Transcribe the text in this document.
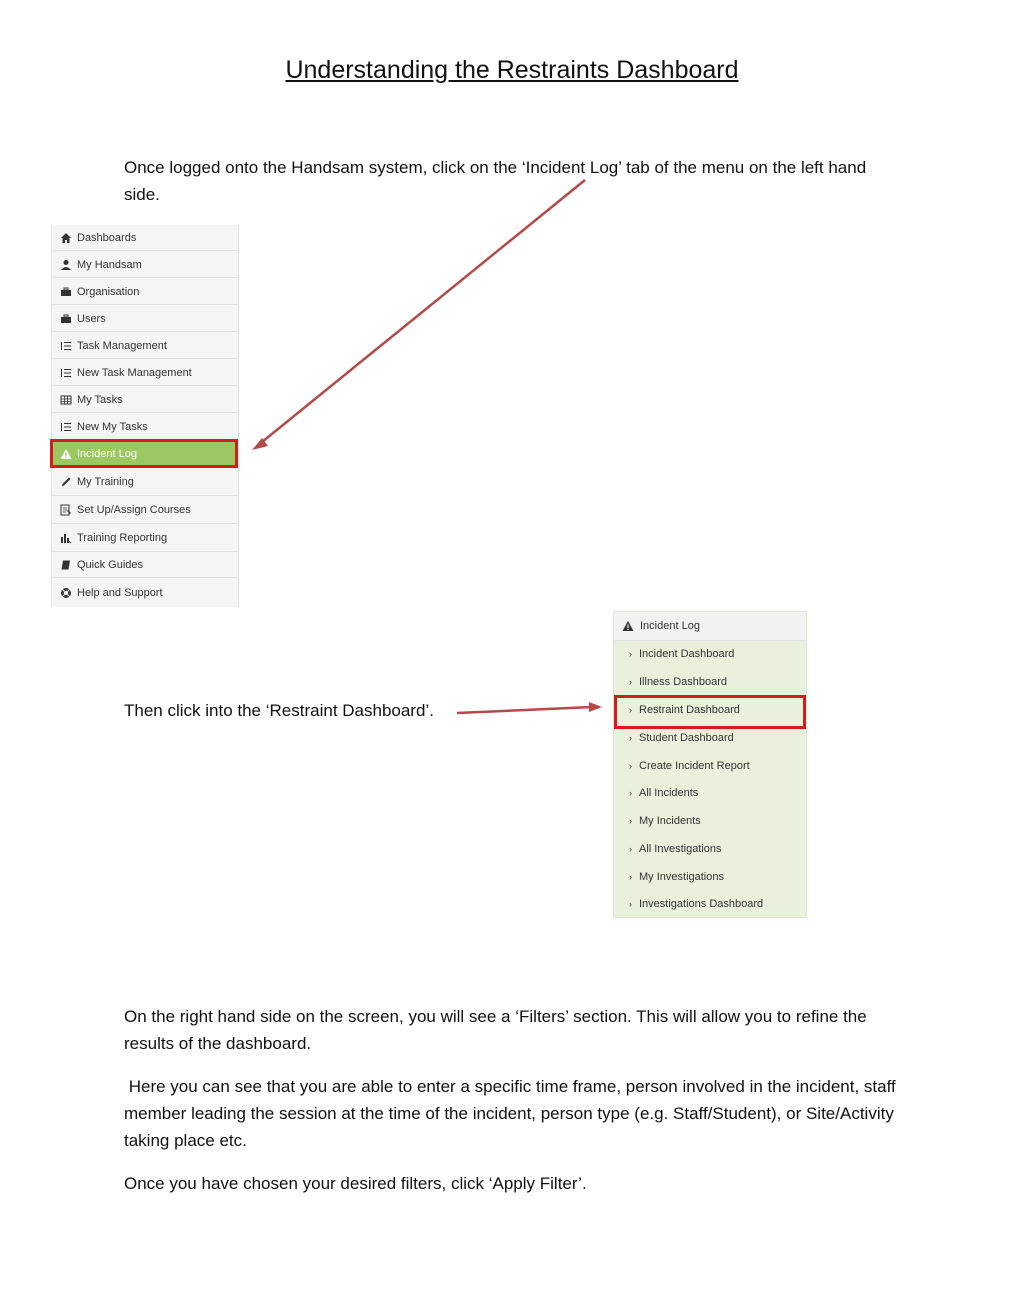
Understanding the Restraints Dashboard

Once logged onto the Handsam system, click on the ‘Incident Log’ tab of the menu on the left hand side.

Dashboards
My Handsam
Organisation
Users
Task Management
New Task Management
My Tasks
New My Tasks
Incident Log
My Training
Set Up/Assign Courses
Training Reporting
Quick Guides
Help and Support

Then click into the ‘Restraint Dashboard’.

Incident Log
› Incident Dashboard
› Illness Dashboard
› Restraint Dashboard
› Student Dashboard
› Create Incident Report
› All Incidents
› My Incidents
› All Investigations
› My Investigations
› Investigations Dashboard

On the right hand side on the screen, you will see a ‘Filters’ section. This will allow you to refine the results of the dashboard.

Here you can see that you are able to enter a specific time frame, person involved in the incident, staff member leading the session at the time of the incident, person type (e.g. Staff/Student), or Site/Activity taking place etc.

Once you have chosen your desired filters, click ‘Apply Filter’.
